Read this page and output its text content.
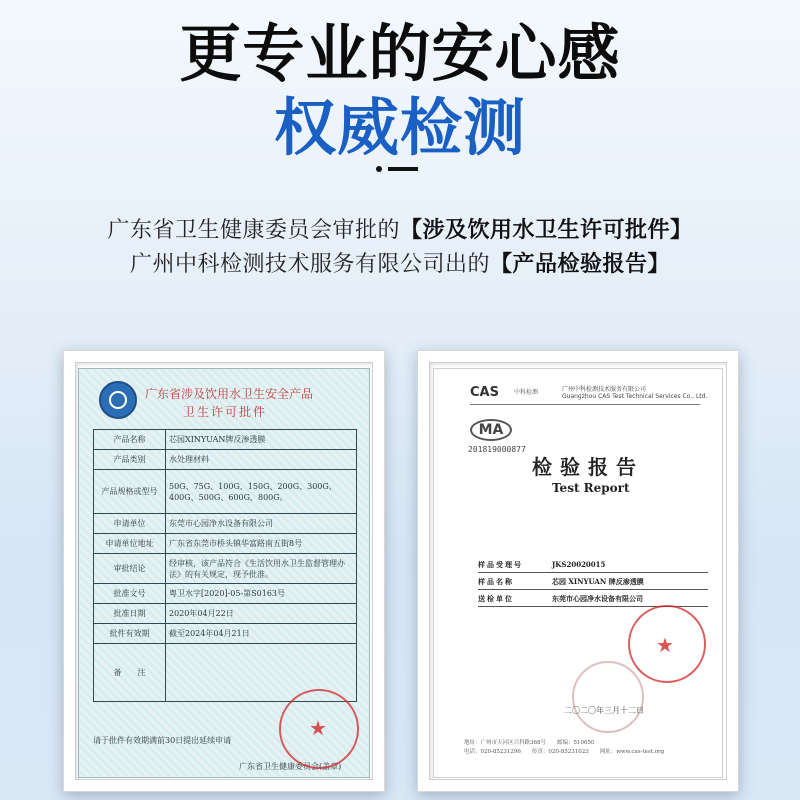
更专业的安心感
权威检测
广东省卫生健康委员会审批的【涉及饮用水卫生许可批件】
广州中科检测技术服务有限公司出的【产品检验报告】
广东省涉及饮用水卫生安全产品
卫生许可批件
产品名称	芯园XINYUAN牌反渗透膜
产品类别	水处理材料
产品规格或型号	50G、75G、100G、150G、200G、300G、400G、500G、600G、800G。
申请单位	东莞市心园净水设备有限公司
申请单位地址	广东省东莞市桥头镇华富路南五街8号
审批结论	经审核，该产品符合《生活饮用水卫生监督管理办法》的有关规定，现予批准。
批准文号	粤卫水字[2020]-05-第S0163号
批准日期	2020年04月22日
批件有效期	截至2024年04月21日
备　　注	
请于批件有效期满前30日提出延续申请
广东省卫生健康委员会(盖章)
★
CAS	中科检测	广州中科检测技术服务有限公司
Guangzhou CAS Test Technical Services Co., Ltd.
MA
201819000877
检验报告
Test Report
样品受理号	JKS20020015
样品名称	芯园 XINYUAN 牌反渗透膜
送检单位	东莞市心园净水设备有限公司
★
二〇二〇年三月十二日
地址：广州市天河区兴科路368号　　邮编：510650
电话：020-85231296　　传真：020-85231023　　网址：www.cas-test.org
